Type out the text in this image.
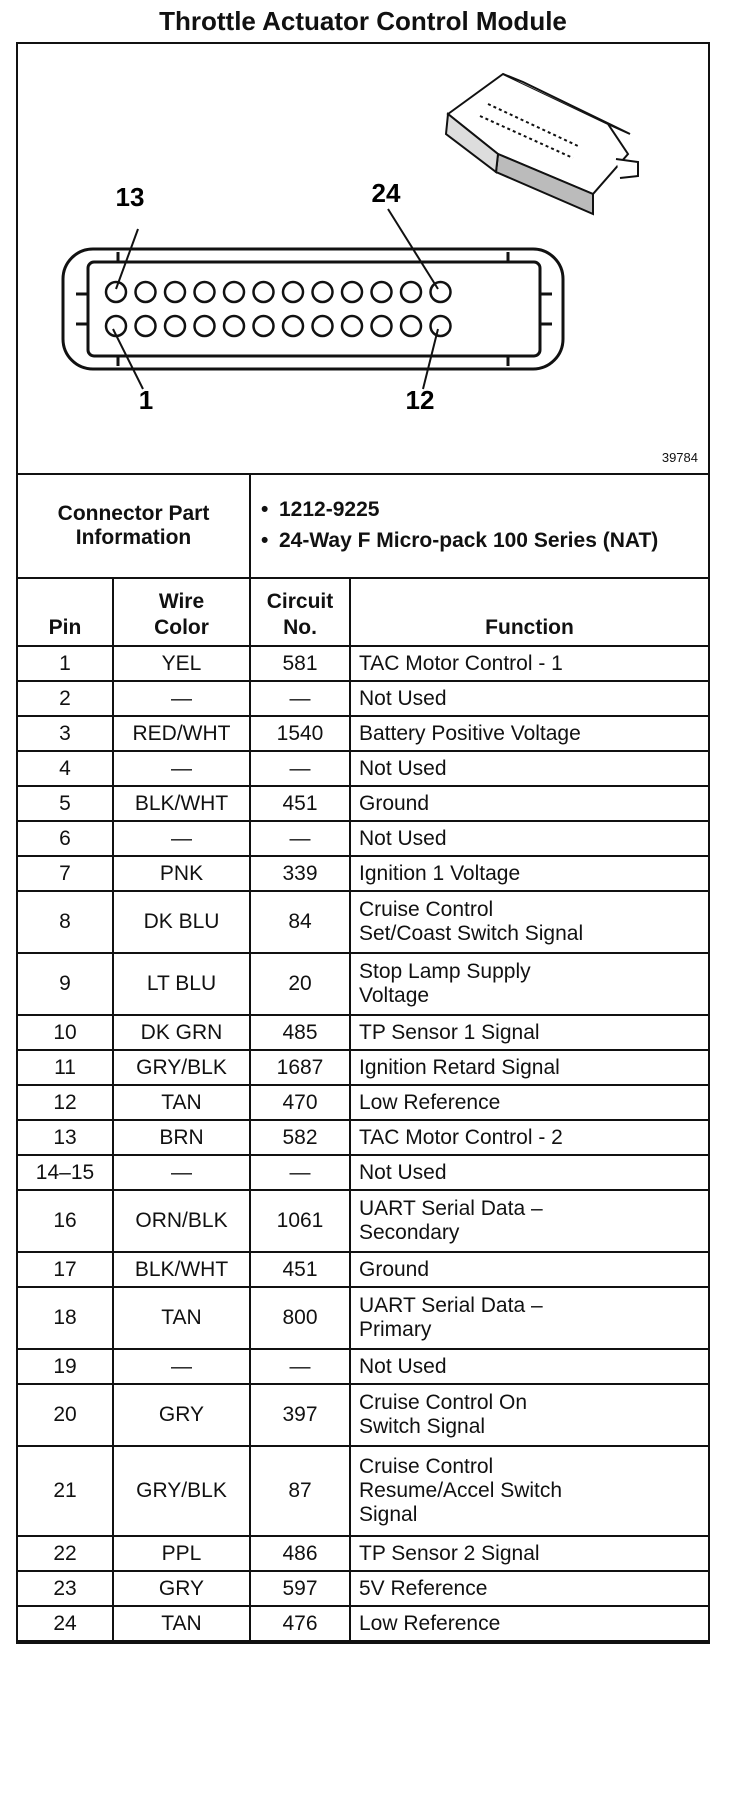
Throttle Actuator Control Module
13	24
1	12
39784
Connector Part Information	
• 1212-9225
• 24-Way F Micro-pack 100 Series (NAT)
Pin	Wire Color	Circuit No.	Function
1	YEL	581	TAC Motor Control - 1
2	—	—	Not Used
3	RED/WHT	1540	Battery Positive Voltage
4	—	—	Not Used
5	BLK/WHT	451	Ground
6	—	—	Not Used
7	PNK	339	Ignition 1 Voltage
8	DK BLU	84	Cruise Control
Set/Coast Switch Signal
9	LT BLU	20	Stop Lamp Supply
Voltage
10	DK GRN	485	TP Sensor 1 Signal
11	GRY/BLK	1687	Ignition Retard Signal
12	TAN	470	Low Reference
13	BRN	582	TAC Motor Control - 2
14–15	—	—	Not Used
16	ORN/BLK	1061	UART Serial Data –
Secondary
17	BLK/WHT	451	Ground
18	TAN	800	UART Serial Data –
Primary
19	—	—	Not Used
20	GRY	397	Cruise Control On
Switch Signal
21	GRY/BLK	87	Cruise Control
Resume/Accel Switch
Signal
22	PPL	486	TP Sensor 2 Signal
23	GRY	597	5V Reference
24	TAN	476	Low Reference
